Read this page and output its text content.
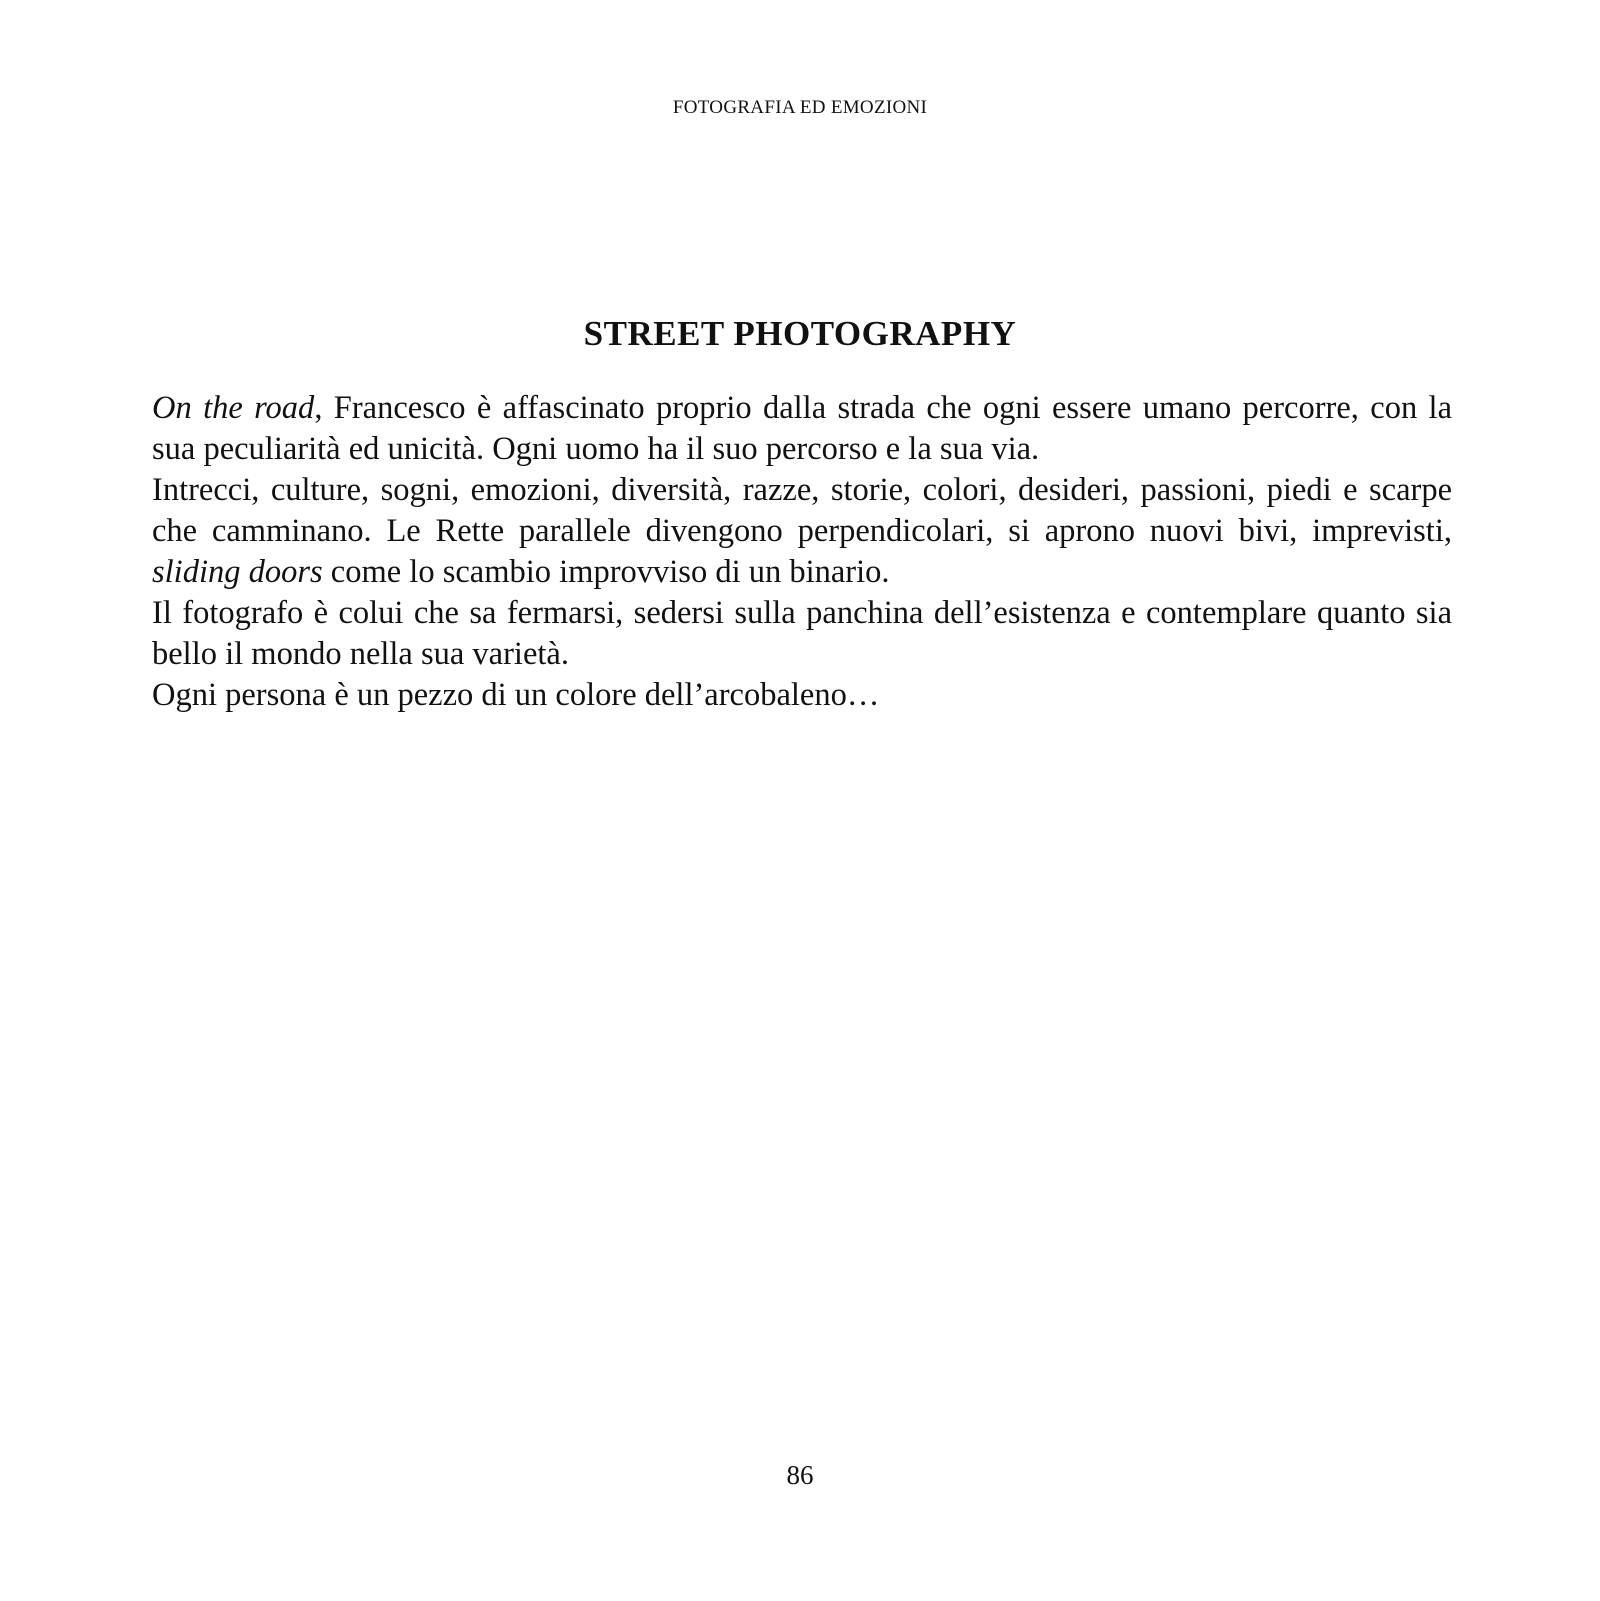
FOTOGRAFIA ED EMOZIONI
STREET PHOTOGRAPHY

On the road, Francesco è affascinato proprio dalla strada che ogni essere umano percorre, con la sua peculiarità ed unicità. Ogni uomo ha il suo percorso e la sua via.

Intrecci, culture, sogni, emozioni, diversità, razze, storie, colori, desideri, passioni, piedi e scarpe che camminano. Le Rette parallele divengono perpendicolari, si aprono nuovi bivi, imprevisti, sliding doors come lo scambio improvviso di un binario.

Il fotografo è colui che sa fermarsi, sedersi sulla panchina dell’esistenza e contemplare quanto sia bello il mondo nella sua varietà.

Ogni persona è un pezzo di un colore dell’arcobaleno…

86
